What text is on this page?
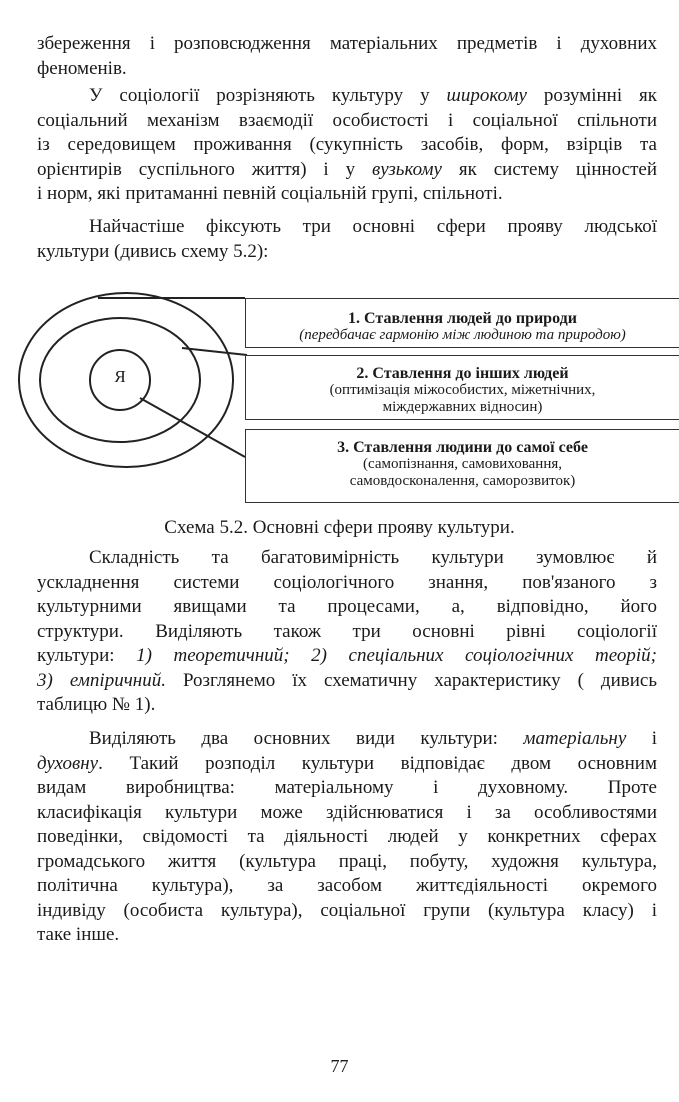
збереження і розповсюдження матеріальних предметів і духовних
феноменів.
У соціології розрізняють культуру у широкому розумінні як
соціальний механізм взаємодії особистості і соціальної спільноти
із середовищем проживання (сукупність засобів, форм, взірців та
орієнтирів суспільного життя) і у вузькому як систему цінностей
і норм, які притаманні певній соціальній групі, спільноті.
Найчастіше фіксують три основні сфери прояву людської
культури (дивись схему 5.2):
Я
1. Ставлення людей до природи
(передбачає гармонію між людиною та природою)
2. Ставлення до інших людей
(оптимізація міжособистих, міжетнічних,
міждержавних відносин)
3. Ставлення людини до самої себе
(самопізнання, самовиховання,
самовдосконалення, саморозвиток)
Схема 5.2. Основні сфери прояву культури.
Складність та багатовимірність культури зумовлює й
ускладнення системи соціологічного знання, пов'язаного з
культурними явищами та процесами, а, відповідно, його
структури. Виділяють також три основні рівні соціології
культури: 1) теоретичний; 2) спеціальних соціологічних теорій;
3) емпіричний. Розглянемо їх схематичну характеристику ( дивись
таблицю № 1).
Виділяють два основних види культури: матеріальну і
духовну. Такий розподіл культури відповідає двом основним
видам виробництва: матеріальному і духовному. Проте
класифікація культури може здійснюватися і за особливостями
поведінки, свідомості та діяльності людей у конкретних сферах
громадського життя (культура праці, побуту, художня культура,
політична культура), за засобом життєдіяльності окремого
індивіду (особиста культура), соціальної групи (культура класу) і
таке інше.
77
